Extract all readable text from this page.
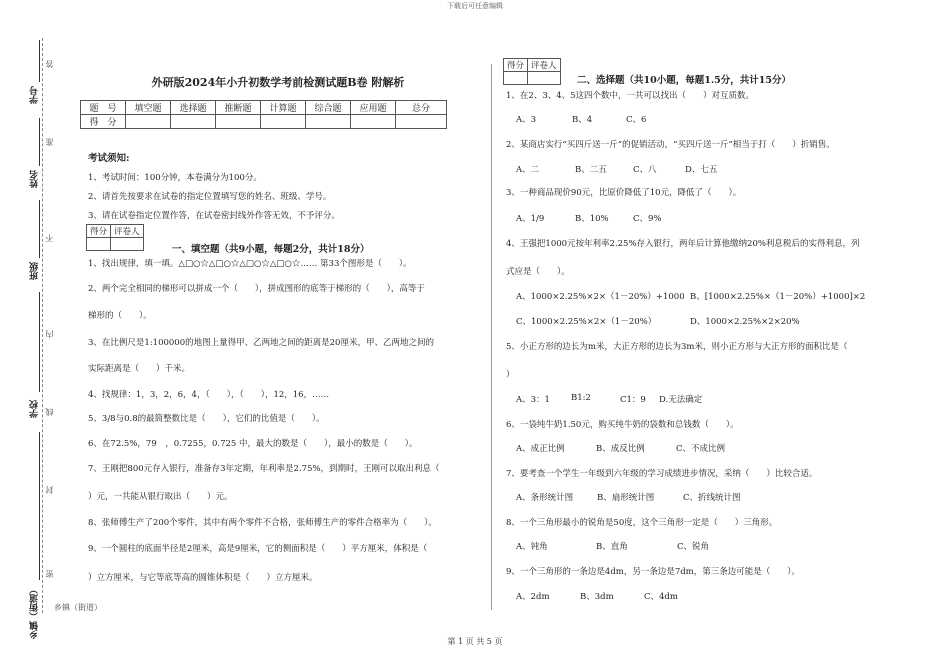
下载后可任意编辑
学号
姓名
班级
学校
乡镇（街道）
答
准
不
内
线
封
密
乡镇（街道）
外研版2024年小升初数学考前检测试题B卷 附解析
题　号	填空题	选择题	推断题	计算题	综合题	应用题	总分
得　分							
考试须知:
1、考试时间：100分钟，本卷满分为100分。
2、请首先按要求在试卷的指定位置填写您的姓名、班级、学号。
3、请在试卷指定位置作答，在试卷密封线外作答无效，不予评分。
得分	评卷人

一、填空题（共9小题，每题2分，共计18分）
1、找出规律，填一填。△□○☆△□○☆△□○☆△□○☆…… 第33个图形是（　　）。
2、两个完全相同的梯形可以拼成一个（　　），拼成图形的底等于梯形的（　　），高等于
梯形的（　　）。
3、在比例尺是1:100000的地图上量得甲、乙两地之间的距离是20厘米，甲、乙两地之间的
实际距离是（　　）千米。
4、找规律：1，3，2，6，4，（　　），（　　），12，16，……
5、3/8与0.8的最简整数比是（　　），它们的比值是（　　）。
6、在72.5%，79　，0.7255，0.725 中，最大的数是（　　），最小的数是（　　）。
7、王刚把800元存入银行，准备存3年定期，年利率是2.75%，到期时，王刚可以取出利息（
）元，一共能从银行取出（　　）元。
8、张师傅生产了200个零件，其中有两个零件不合格，张师傅生产的零件合格率为（　　）。
9、一个圆柱的底面半径是2厘米，高是9厘米，它的侧面积是（　　）平方厘米，体积是（
）立方厘米，与它等底等高的圆锥体积是（　　）立方厘米。
得分	评卷人

二、选择题（共10小题，每题1.5分，共计15分）
1、在2、3、4、5这四个数中，一共可以找出（　　）对互质数。
A、3	B、4	C、6
2、某商店实行“买四斤送一斤”的促销活动，“买四斤送一斤”相当于打（　　）折销售。
A、二	B、二五	C、八	D、七五
3、一种商品现价90元，比原价降低了10元，降低了（　　）。
A、1/9	B、10%	C、9%
4、王强把1000元按年利率2.25%存入银行，两年后计算他缴纳20%利息税后的实得利息，列
式应是（　　）。
A、1000×2.25%×2×（1－20%）+1000 B、[1000×2.25%×（1－20%）+1000]×2
C、1000×2.25%×2×（1－20%）	D、1000×2.25%×2×20%
5、小正方形的边长为m米，大正方形的边长为3m米，则小正方形与大正方形的面积比是（
）
A、3：1 B1:2	C1：9 D.无法确定
6、一袋纯牛奶1.50元，购买纯牛奶的袋数和总钱数（　　）。
A、成正比例	B、成反比例	C、不成比例
7、要考查一个学生一年级到六年级的学习成绩进步情况，采纳（　　）比较合适。
A、条形统计图	B、扇形统计图	C、折线统计图
8、一个三角形最小的锐角是50度，这个三角形一定是（　　）三角形。
A、钝角	B、直角	C、锐角
9、一个三角形的一条边是4dm，另一条边是7dm，第三条边可能是（　　）。
A、2dm	B、3dm	C、4dm
第 1 页 共 5 页
